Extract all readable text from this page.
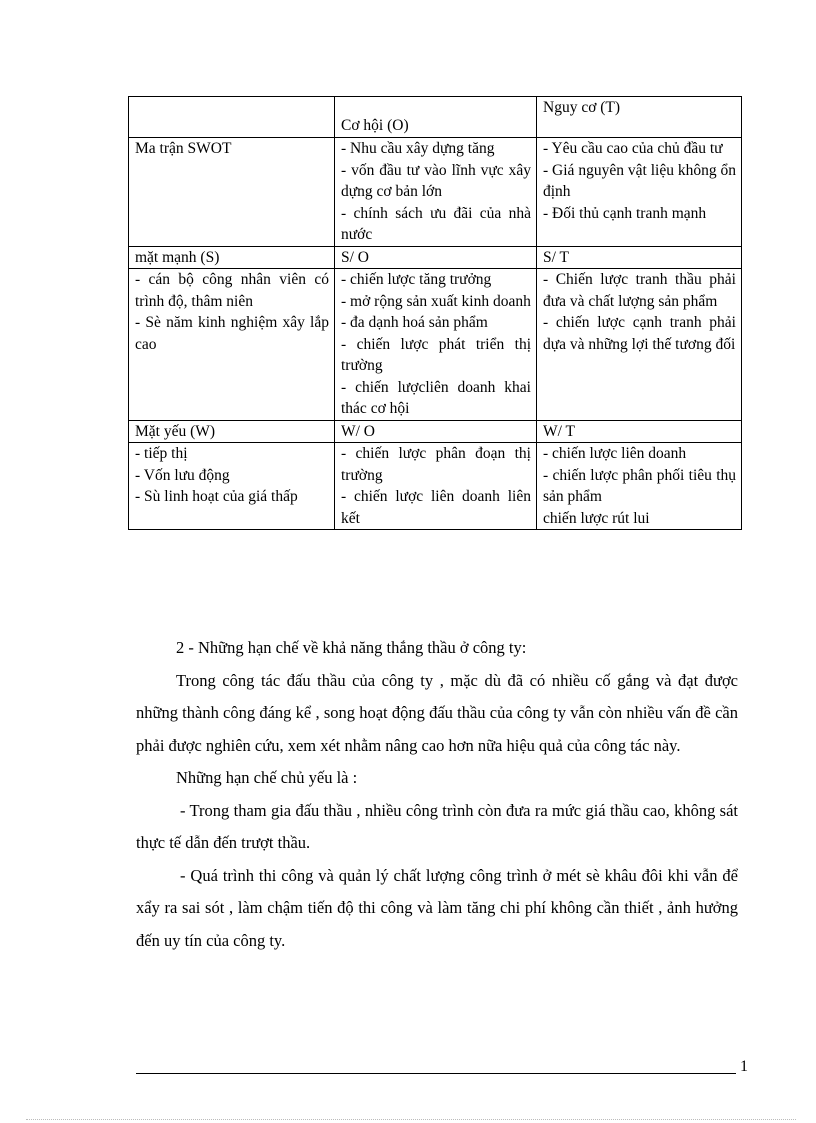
	Cơ hội (O)	Nguy cơ (T)

Ma trận SWOT	- Nhu cầu xây dựng tăng
- vốn đầu tư vào lĩnh vực xây dựng cơ bản lớn
- chính sách ưu đãi của nhà nước	- Yêu cầu cao của chủ đầu tư
- Giá nguyên vật liệu không ổn định
- Đối thủ cạnh tranh mạnh

mặt mạnh (S)	S/ O	S/ T

- cán bộ công nhân viên có trình độ, thâm niên
- Sè năm kinh nghiệm xây lắp cao	- chiến lược tăng trưởng
- mở rộng sản xuất kinh doanh
- đa dạnh hoá sản phẩm
- chiến lược phát triển thị trường
- chiến lượcliên doanh khai thác cơ hội	- Chiến lược tranh thầu phải đưa và chất lượng sản phẩm
- chiến lược cạnh tranh phải dựa và những lợi thế tương đối

Mặt yếu (W)	W/ O	W/ T

- tiếp thị
- Vốn lưu động
- Sù linh hoạt của giá thấp	- chiến lược phân đoạn thị trường
- chiến lược liên doanh liên kết	- chiến lược liên doanh
- chiến lược phân phối tiêu thụ sản phẩm
chiến lược rút lui

2 - Những hạn chế về khả năng thắng thầu ở công ty:

Trong công tác đấu thầu của công ty , mặc dù đã có nhiều cố gắng và đạt được những thành công đáng kể , song hoạt động đấu thầu của công ty vẫn còn nhiều vấn đề cần phải được nghiên cứu, xem xét nhằm nâng cao hơn nữa hiệu quả của công tác này.

Những hạn chế chủ yếu là :

- Trong tham gia đấu thầu , nhiều công trình còn đưa ra mức giá thầu cao, không sát thực tế dẫn đến trượt thầu.

- Quá trình thi công và quản lý chất lượng công trình ở mét sè khâu đôi khi vẫn để xẩy ra sai sót , làm chậm tiến độ thi công và làm tăng chi phí không cần thiết , ảnh hưởng đến uy tín của công ty.

1
